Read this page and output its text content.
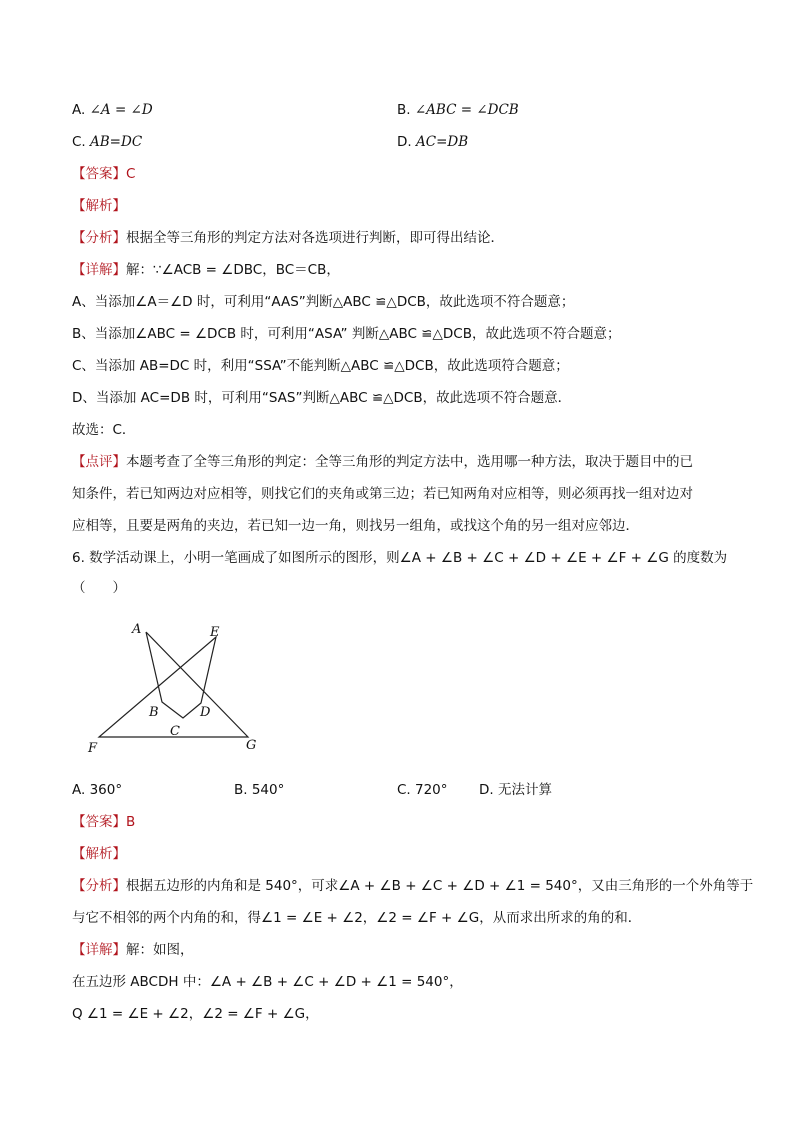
A. ∠A = ∠D	B. ∠ABC = ∠DCB
C. AB=DC	D. AC=DB
【答案】C
【解析】
【分析】根据全等三角形的判定方法对各选项进行判断，即可得出结论．
【详解】解：∵∠ACB = ∠DBC，BC＝CB，
A、当添加∠A＝∠D 时，可利用“AAS”判断△ABC ≌△DCB，故此选项不符合题意；
B、当添加∠ABC = ∠DCB 时，可利用“ASA” 判断△ABC ≌△DCB，故此选项不符合题意；
C、当添加 AB=DC 时，利用“SSA”不能判断△ABC ≌△DCB，故此选项符合题意；
D、当添加 AC=DB 时，可利用“SAS”判断△ABC ≌△DCB，故此选项不符合题意．
故选：C．
【点评】本题考查了全等三角形的判定：全等三角形的判定方法中，选用哪一种方法，取决于题目中的已
知条件，若已知两边对应相等，则找它们的夹角或第三边；若已知两角对应相等，则必须再找一组对边对
应相等，且要是两角的夹边，若已知一边一角，则找另一组角，或找这个角的另一组对应邻边．
6. 数学活动课上，小明一笔画成了如图所示的图形，则∠A + ∠B + ∠C + ∠D + ∠E + ∠F + ∠G 的度数为
（　　）
A
B
C
D
E
F	G
A. 360°	B. 540°	C. 720° D. 无法计算
【答案】B
【解析】
【分析】根据五边形的内角和是 540°，可求∠A + ∠B + ∠C + ∠D + ∠1 = 540°，又由三角形的一个外角等于
与它不相邻的两个内角的和，得∠1 = ∠E + ∠2，∠2 = ∠F + ∠G，从而求出所求的角的和．
【详解】解：如图，
在五边形 ABCDH 中：∠A + ∠B + ∠C + ∠D + ∠1 = 540°，
Q ∠1 = ∠E + ∠2，∠2 = ∠F + ∠G，
